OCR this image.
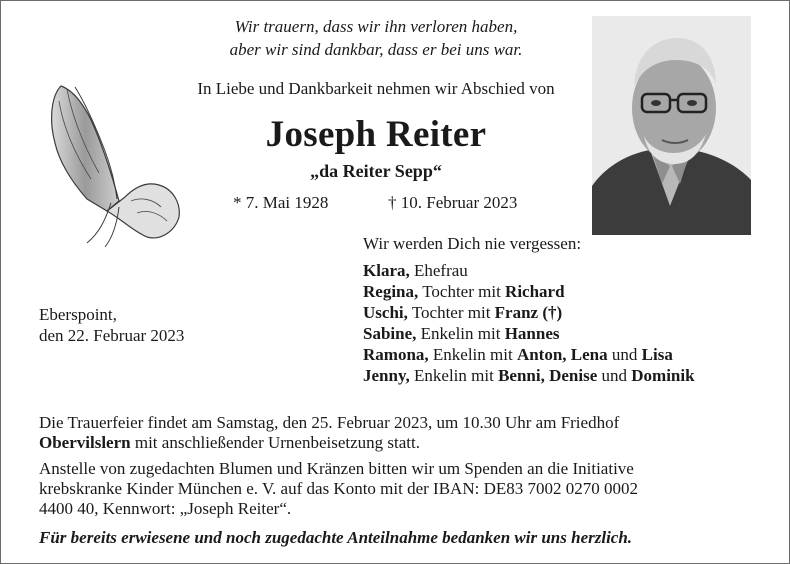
Wir trauern, dass wir ihn verloren haben,
aber wir sind dankbar, dass er bei uns war.
In Liebe und Dankbarkeit nehmen wir Abschied von
Joseph Reiter
„da Reiter Sepp“
* 7. Mai 1928	† 10. Februar 2023
Wir werden Dich nie vergessen:
Klara, Ehefrau
Regina, Tochter mit Richard
Uschi, Tochter mit Franz (†)
Sabine, Enkelin mit Hannes
Ramona, Enkelin mit Anton, Lena und Lisa
Jenny, Enkelin mit Benni, Denise und Dominik
Eberspoint,
den 22. Februar 2023
Die Trauerfeier findet am Samstag, den 25. Februar 2023, um 10.30 Uhr am Friedhof
Obervilslern mit anschließender Urnenbeisetzung statt.
Anstelle von zugedachten Blumen und Kränzen bitten wir um Spenden an die Initiative
krebskranke Kinder München e. V. auf das Konto mit der IBAN: DE83 7002 0270 0002
4400 40, Kennwort: „Joseph Reiter“.
Für bereits erwiesene und noch zugedachte Anteilnahme bedanken wir uns herzlich.
